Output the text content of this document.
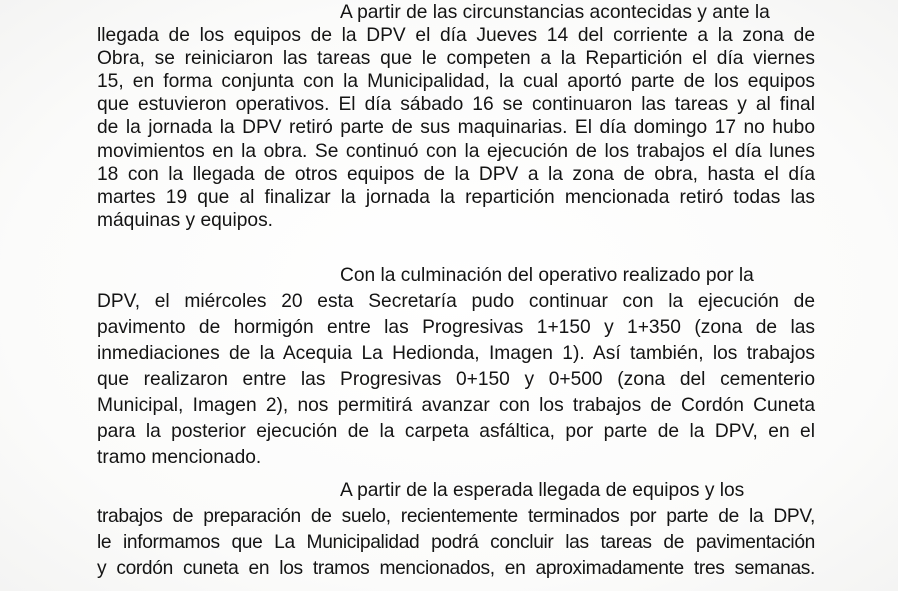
A partir de las circunstancias acontecidas y ante la
llegada de los equipos de la DPV el día Jueves 14 del corriente a la zona de
Obra, se reiniciaron las tareas que le competen a la Repartición el día viernes
15, en forma conjunta con la Municipalidad, la cual aportó parte de los equipos
que estuvieron operativos. El día sábado 16 se continuaron las tareas y al final
de la jornada la DPV retiró parte de sus maquinarias. El día domingo 17 no hubo
movimientos en la obra. Se continuó con la ejecución de los trabajos el día lunes
18 con la llegada de otros equipos de la DPV a la zona de obra, hasta el día
martes 19 que al finalizar la jornada la repartición mencionada retiró todas las
máquinas y equipos.
Con la culminación del operativo realizado por la
DPV, el miércoles 20 esta Secretaría pudo continuar con la ejecución de
pavimento de hormigón entre las Progresivas 1+150 y 1+350 (zona de las
inmediaciones de la Acequia La Hedionda, Imagen 1). Así también, los trabajos
que realizaron entre las Progresivas 0+150 y 0+500 (zona del cementerio
Municipal, Imagen 2), nos permitirá avanzar con los trabajos de Cordón Cuneta
para la posterior ejecución de la carpeta asfáltica, por parte de la DPV, en el
tramo mencionado.
A partir de la esperada llegada de equipos y los
trabajos de preparación de suelo, recientemente terminados por parte de la DPV,
le informamos que La Municipalidad podrá concluir las tareas de pavimentación
y cordón cuneta en los tramos mencionados, en aproximadamente tres semanas.
